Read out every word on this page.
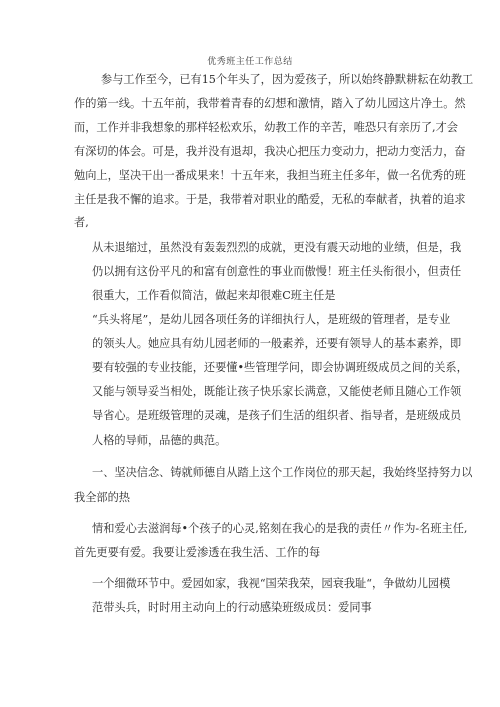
优秀班主任工作总结
参与工作至今，已有15个年头了，因为爱孩子，所以始终静默耕耘在幼教工
作的第一线。十五年前，我带着青春的幻想和激情，踏入了幼儿园这片净土。然
而，工作并非我想象的那样轻松欢乐，幼教工作的辛苦，唯恐只有亲历了,才会
有深切的体会。可是，我并没有退却，我决心把压力变动力，把动力变活力，奋
勉向上，坚决干出一番成果来！十五年来，我担当班主任多年，做一名优秀的班
主任是我不懈的追求。于是，我带着对职业的酷爱，无私的奉献者，执着的追求
者,
从未退缩过，虽然没有轰轰烈烈的成就，更没有震天动地的业绩，但是，我
仍以拥有这份平凡的和富有创意性的事业而傲慢！班主任头衔很小，但责任
很重大，工作看似简洁，做起来却很难C班主任是
“兵头将尾”，是幼儿园各项任务的详细执行人，是班级的管理者，是专业
的领头人。她应具有幼儿园老师的一般素养，还要有领导人的基本素养，即
要有较强的专业技能，还要懂•些管理学问，即会协调班级成员之间的关系，
又能与领导妥当相处，既能让孩子快乐家长满意，又能使老师且随心工作领
导省心。是班级管理的灵魂，是孩子们生活的组织者、指导者，是班级成员
人格的导师，品德的典范。
一、坚决信念、铸就师德自从踏上这个工作岗位的那天起，我始终坚持努力以
我全部的热
情和爱心去滋润每•个孩子的心灵,铭刻在我心的是我的责任〃作为-名班主任,
首先更要有爱。我要让爱渗透在我生活、工作的每
一个细微环节中。爱园如家，我视“国荣我荣，园衰我耻“，争做幼儿园模
范带头兵，时时用主动向上的行动感染班级成员：爱同事
